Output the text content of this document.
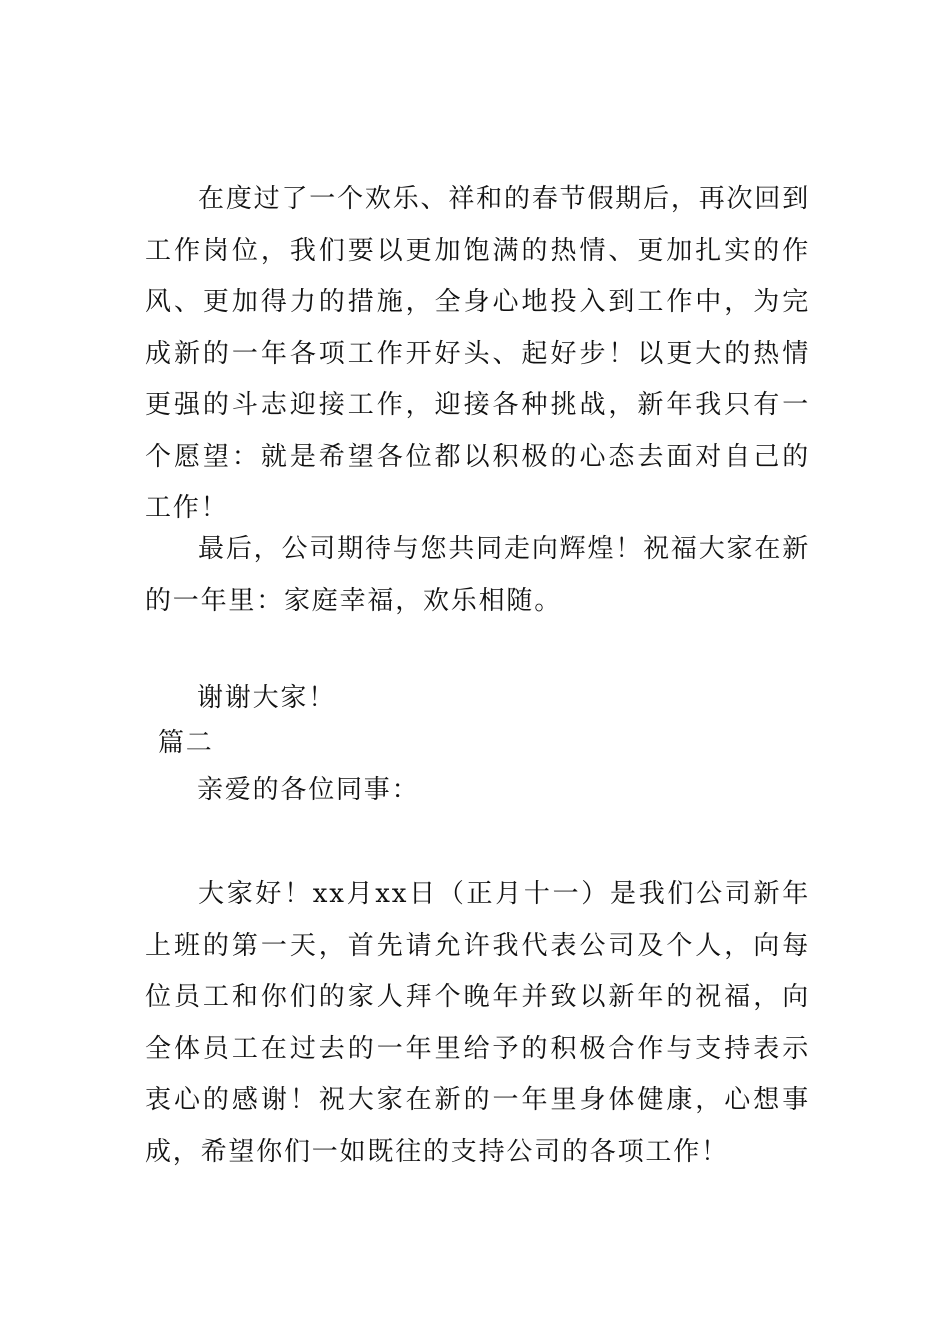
在度过了一个欢乐、祥和的春节假期后，再次回到工作岗位，我们要以更加饱满的热情、更加扎实的作风、更加得力的措施，全身心地投入到工作中，为完成新的一年各项工作开好头、起好步！以更大的热情更强的斗志迎接工作，迎接各种挑战，新年我只有一个愿望：就是希望各位都以积极的心态去面对自己的工作！

最后，公司期待与您共同走向辉煌！祝福大家在新的一年里：家庭幸福，欢乐相随。

谢谢大家！

篇二

亲爱的各位同事：

大家好！xx月xx日（正月十一）是我们公司新年上班的第一天，首先请允许我代表公司及个人，向每位员工和你们的家人拜个晚年并致以新年的祝福，向全体员工在过去的一年里给予的积极合作与支持表示衷心的感谢！祝大家在新的一年里身体健康，心想事成，希望你们一如既往的支持公司的各项工作！
